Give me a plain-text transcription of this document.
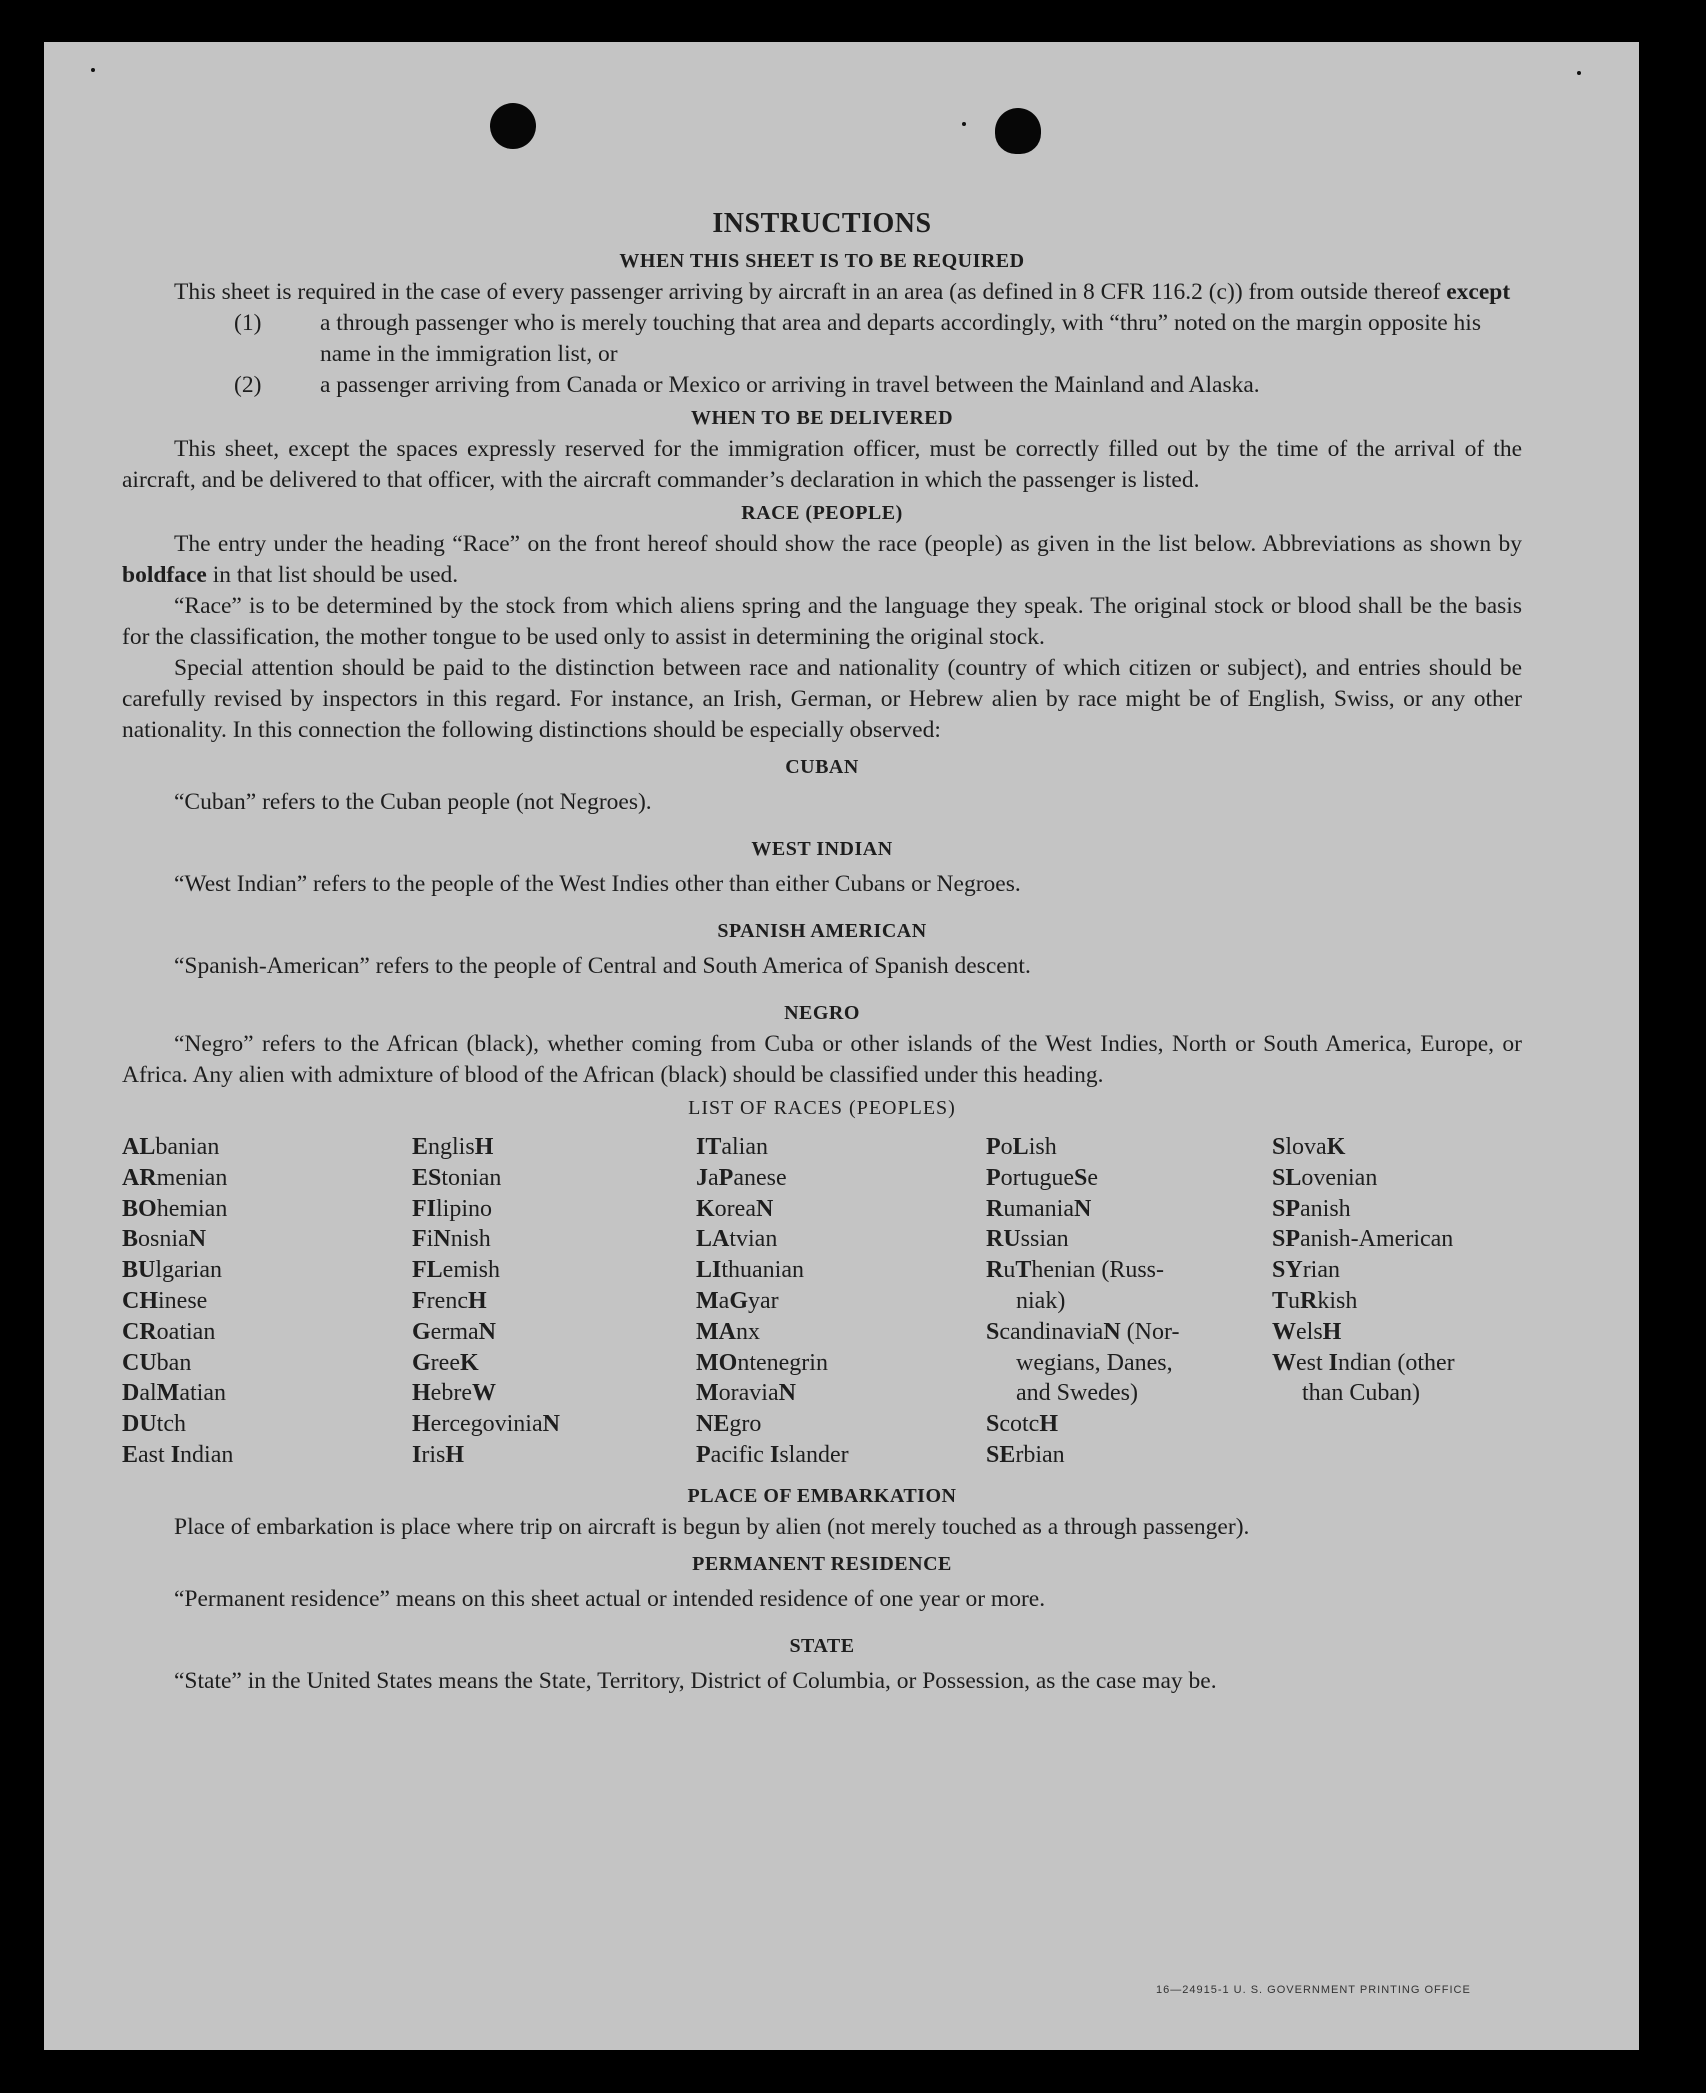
INSTRUCTIONS
WHEN THIS SHEET IS TO BE REQUIRED
This sheet is required in the case of every passenger arriving by aircraft in an area (as defined in 8 CFR 116.2 (c)) from outside thereof except
(1) a through passenger who is merely touching that area and departs accordingly, with “thru” noted on the margin opposite his name in the immigration list, or
(2) a passenger arriving from Canada or Mexico or arriving in travel between the Mainland and Alaska.
WHEN TO BE DELIVERED
This sheet, except the spaces expressly reserved for the immigration officer, must be correctly filled out by the time of the arrival of the aircraft, and be delivered to that officer, with the aircraft commander’s declaration in which the passenger is listed.
RACE (PEOPLE)
The entry under the heading “Race” on the front hereof should show the race (people) as given in the list below. Abbreviations as shown by boldface in that list should be used.
“Race” is to be determined by the stock from which aliens spring and the language they speak. The original stock or blood shall be the basis for the classification, the mother tongue to be used only to assist in determining the original stock.
Special attention should be paid to the distinction between race and nationality (country of which citizen or subject), and entries should be carefully revised by inspectors in this regard. For instance, an Irish, German, or Hebrew alien by race might be of English, Swiss, or any other nationality. In this connection the following distinctions should be especially observed:
CUBAN
“Cuban” refers to the Cuban people (not Negroes).
WEST INDIAN
“West Indian” refers to the people of the West Indies other than either Cubans or Negroes.
SPANISH AMERICAN
“Spanish-American” refers to the people of Central and South America of Spanish descent.
NEGRO
“Negro” refers to the African (black), whether coming from Cuba or other islands of the West Indies, North or South America, Europe, or Africa. Any alien with admixture of blood of the African (black) should be classified under this heading.
LIST OF RACES (PEOPLES)
ALbanian
ARmenian
BOhemian
BosniaN
BUlgarian
CHinese
CRoatian
CUban
DalMatian
DUtch
East Indian
EnglisH
EStonian
FIlipino
FiNnish
FLemish
FrencH
GermaN
GreeK
HebreW
HercegoviniaN
IrisH
ITalian
JaPanese
KoreaN
LAtvian
LIthuanian
MaGyar
MAnx
MOntenegrin
MoraviaN
NEgro
Pacific Islander
PoLish
PortugueSe
RumaniaN
RUssian
RuThenian (Russ-
niak)
ScandinaviaN (Nor-
wegians, Danes,
and Swedes)
ScotcH
SErbian
SlovaK
SLovenian
SPanish
SPanish-American
SYrian
TuRkish
WelsH
West Indian (other
than Cuban)
PLACE OF EMBARKATION
Place of embarkation is place where trip on aircraft is begun by alien (not merely touched as a through passenger).
PERMANENT RESIDENCE
“Permanent residence” means on this sheet actual or intended residence of one year or more.
STATE
“State” in the United States means the State, Territory, District of Columbia, or Possession, as the case may be.
16—24915-1 U. S. GOVERNMENT PRINTING OFFICE
